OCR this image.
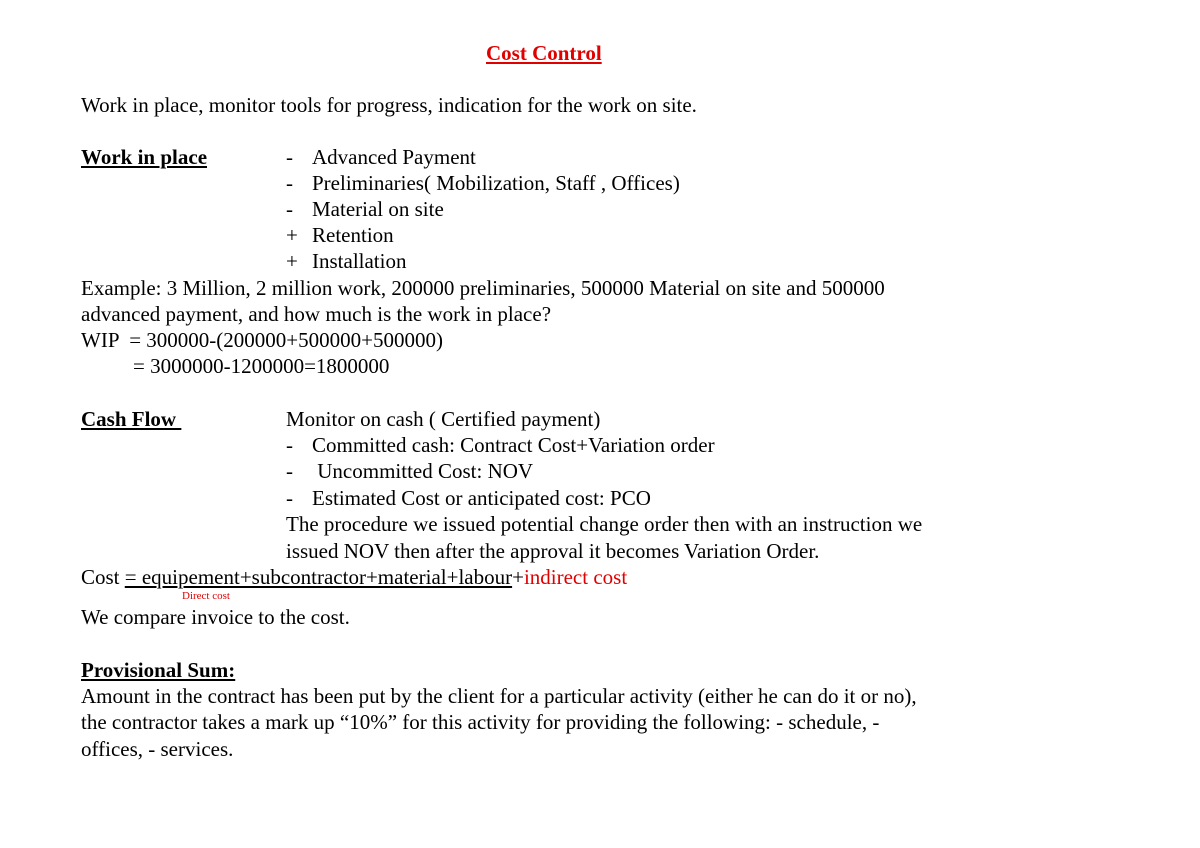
Cost Control
Work in place, monitor tools for progress, indication for the work on site.
Work in place	- Advanced Payment
- Preliminaries( Mobilization, Staff , Offices)
- Material on site
+ Retention
+ Installation
Example: 3 Million, 2 million work, 200000 preliminaries, 500000 Material on site and 500000
advanced payment, and how much is the work in place?
WIP  = 300000-(200000+500000+500000)
= 3000000-1200000=1800000
Cash Flow	Monitor on cash ( Certified payment)
- Committed cash: Contract Cost+Variation order
- Uncommitted Cost: NOV
- Estimated Cost or anticipated cost: PCO
The procedure we issued potential change order then with an instruction we
issued NOV then after the approval it becomes Variation Order.
Cost = equipement+subcontractor+material+labour+indirect cost
Direct cost
We compare invoice to the cost.
Provisional Sum:
Amount in the contract has been put by the client for a particular activity (either he can do it or no),
the contractor takes a mark up “10%” for this activity for providing the following: - schedule, -
offices, - services.
